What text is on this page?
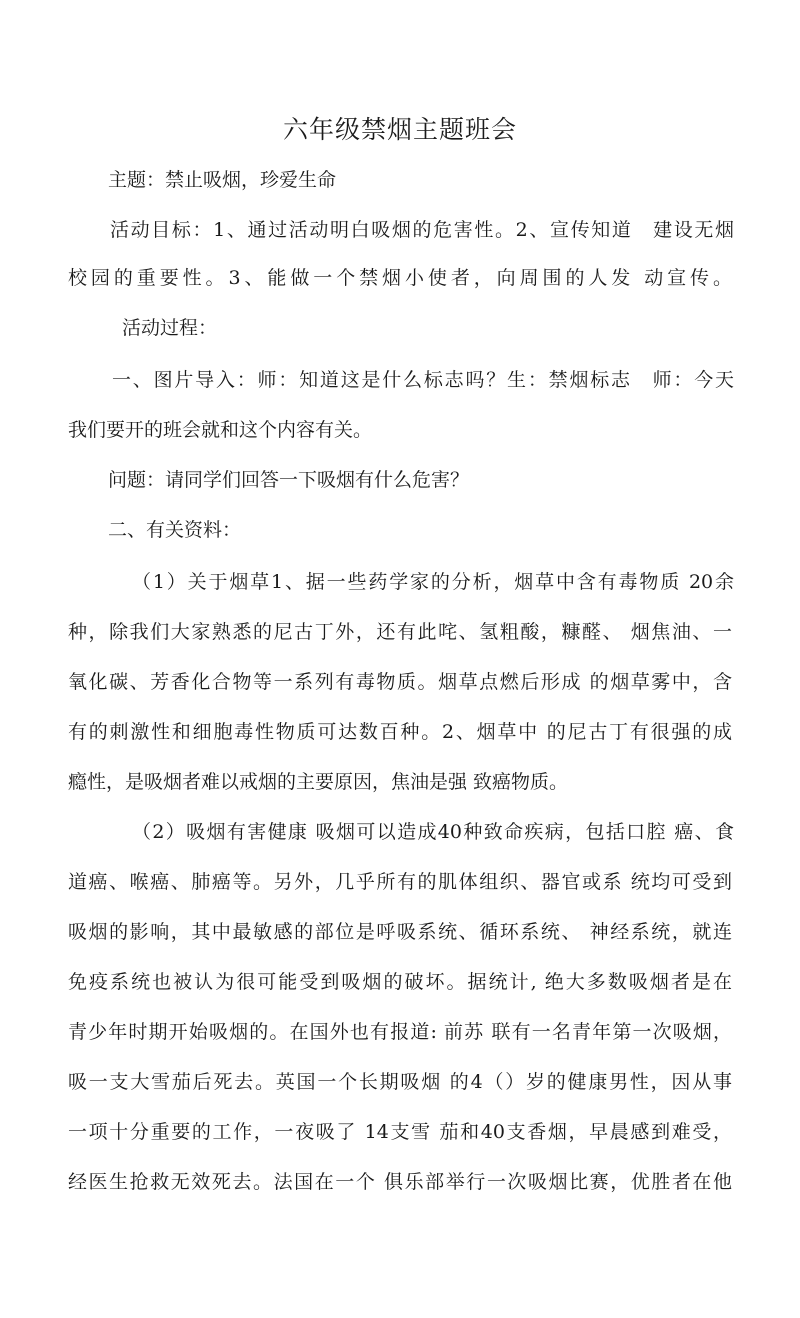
六年级禁烟主题班会
主题：禁止吸烟，珍爱生命
活动目标：1、通过活动明白吸烟的危害性。2、宣传知道　建设无烟
校园的重要性。3、能做一个禁烟小使者，向周围的人发 动宣传。
活动过程：
一、图片导入：师：知道这是什么标志吗？生：禁烟标志　师：今天
我们要开的班会就和这个内容有关。
问题：请同学们回答一下吸烟有什么危害？
二、有关资料：
（1）关于烟草1、据一些药学家的分析，烟草中含有毒物质 20余
种，除我们大家熟悉的尼古丁外，还有此咤、氢粗酸，糠醛、 烟焦油、一
氧化碳、芳香化合物等一系列有毒物质。烟草点燃后形成 的烟草雾中，含
有的刺激性和细胞毒性物质可达数百种。2、烟草中 的尼古丁有很强的成
瘾性，是吸烟者难以戒烟的主要原因，焦油是强 致癌物质。
（2）吸烟有害健康 吸烟可以造成40种致命疾病，包括口腔 癌、食
道癌、喉癌、肺癌等。另外，几乎所有的肌体组织、器官或系 统均可受到
吸烟的影响，其中最敏感的部位是呼吸系统、循环系统、 神经系统，就连
免疫系统也被认为很可能受到吸烟的破坏。据统计, 绝大多数吸烟者是在
青少年时期开始吸烟的。在国外也有报道: 前苏 联有一名青年第一次吸烟，
吸一支大雪茄后死去。英国一个长期吸烟 的4（）岁的健康男性，因从事
一项十分重要的工作，一夜吸了 14支雪 茄和40支香烟，早晨感到难受，
经医生抢救无效死去。法国在一个 俱乐部举行一次吸烟比赛，优胜者在他
